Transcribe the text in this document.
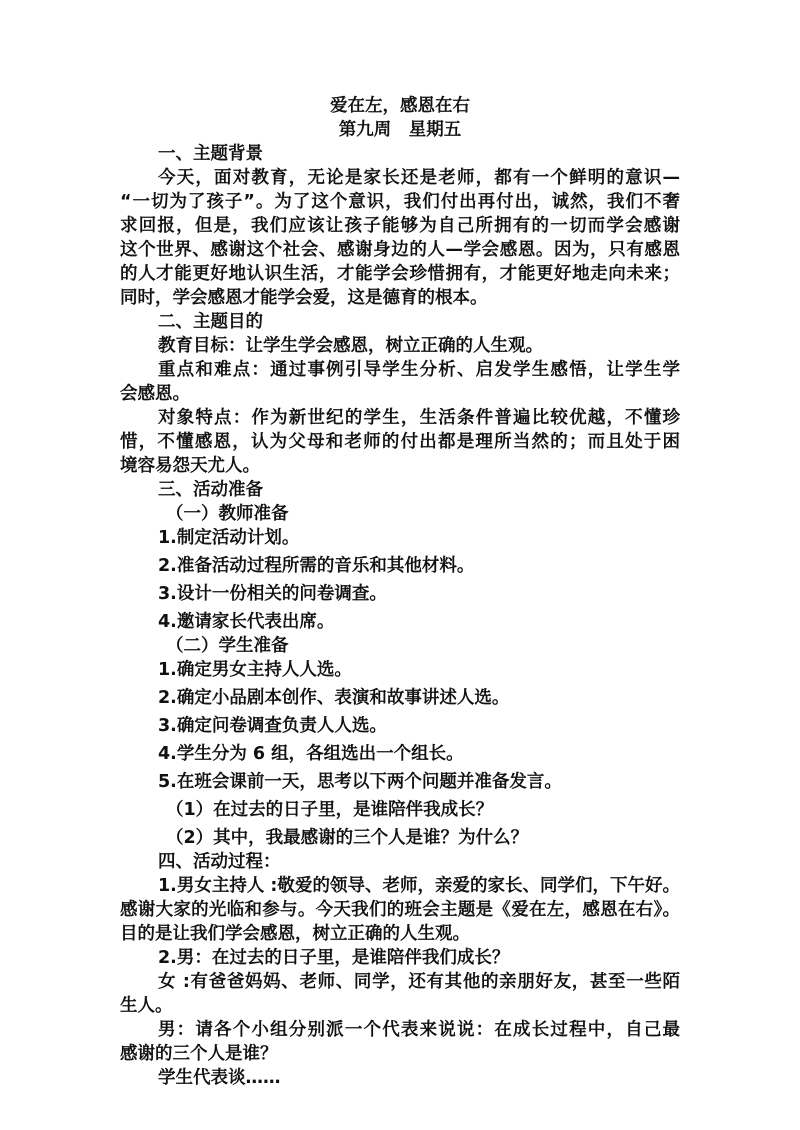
爱在左，感恩在右
第九周　星期五
一、主题背景
今天，面对教育，无论是家长还是老师，都有一个鲜明的意识—
“一切为了孩子”。为了这个意识，我们付出再付出，诚然，我们不奢
求回报，但是，我们应该让孩子能够为自己所拥有的一切而学会感谢
这个世界、感谢这个社会、感谢身边的人—学会感恩。因为，只有感恩
的人才能更好地认识生活，才能学会珍惜拥有，才能更好地走向未来；
同时，学会感恩才能学会爱，这是德育的根本。
二、主题目的
教育目标：让学生学会感恩，树立正确的人生观。
重点和难点：通过事例引导学生分析、启发学生感悟，让学生学
会感恩。
对象特点：作为新世纪的学生，生活条件普遍比较优越，不懂珍
惜，不懂感恩，认为父母和老师的付出都是理所当然的；而且处于困
境容易怨天尤人。
三、活动准备
（一）教师准备
1.制定活动计划。
2.准备活动过程所需的音乐和其他材料。
3.设计一份相关的问卷调查。
4.邀请家长代表出席。
（二）学生准备
1.确定男女主持人人选。
2.确定小品剧本创作、表演和故事讲述人选。
3.确定问卷调查负责人人选。
4.学生分为 6 组，各组选出一个组长。
5.在班会课前一天，思考以下两个问题并准备发言。
（1）在过去的日子里，是谁陪伴我成长？
（2）其中，我最感谢的三个人是谁？为什么？
四、活动过程：
1.男女主持人 :敬爱的领导、老师，亲爱的家长、同学们，下午好。
感谢大家的光临和参与。今天我们的班会主题是《爱在左，感恩在右》。
目的是让我们学会感恩，树立正确的人生观。
2.男：在过去的日子里，是谁陪伴我们成长？
女 :有爸爸妈妈、老师、同学，还有其他的亲朋好友，甚至一些陌
生人。
男：请各个小组分别派一个代表来说说：在成长过程中，自己最
感谢的三个人是谁？
学生代表谈……
